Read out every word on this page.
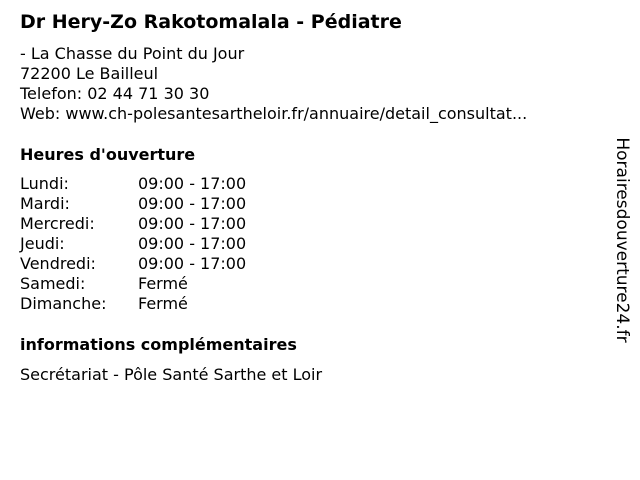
Dr Hery-Zo Rakotomalala - Pédiatre
- La Chasse du Point du Jour
72200 Le Bailleul
Telefon: 02 44 71 30 30
Web: www.ch-polesantesartheloir.fr/annuaire/detail_consultat...
Heures d'ouverture
Lundi:	09:00 - 17:00
Mardi:	09:00 - 17:00
Mercredi:	09:00 - 17:00
Jeudi:	09:00 - 17:00
Vendredi:	09:00 - 17:00
Samedi:	Fermé
Dimanche: Fermé
informations complémentaires
Secrétariat - Pôle Santé Sarthe et Loir
Horairesdouverture24.fr
